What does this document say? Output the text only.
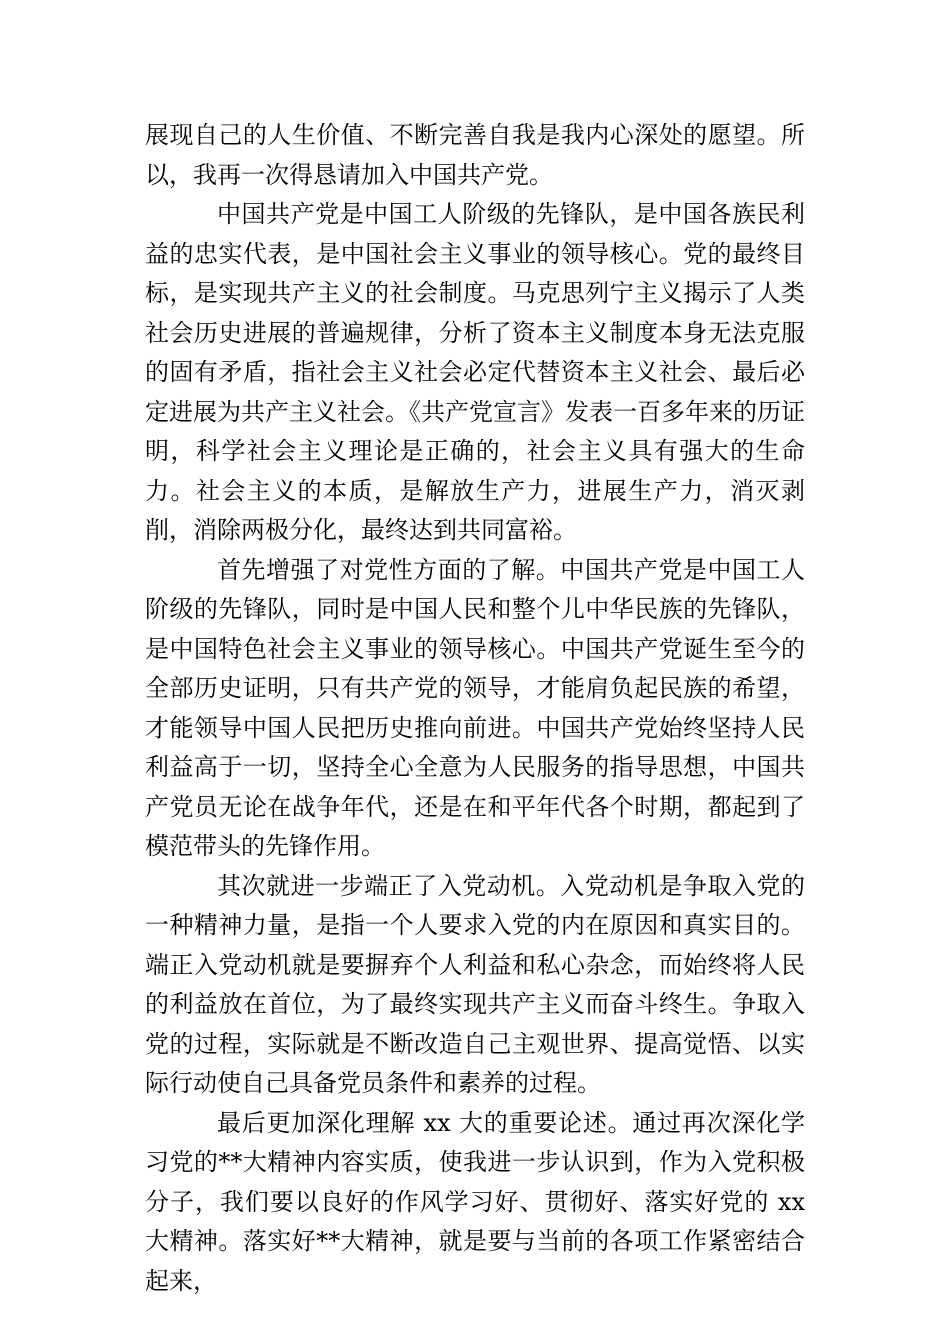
展现自己的人生价值、不断完善自我是我内心深处的愿望。所以，我再一次得恳请加入中国共产党。

中国共产党是中国工人阶级的先锋队，是中国各族民利益的忠实代表，是中国社会主义事业的领导核心。党的最终目标，是实现共产主义的社会制度。马克思列宁主义揭示了人类社会历史进展的普遍规律，分析了资本主义制度本身无法克服的固有矛盾，指社会主义社会必定代替资本主义社会、最后必定进展为共产主义社会。《共产党宣言》发表一百多年来的历证明，科学社会主义理论是正确的，社会主义具有强大的生命力。社会主义的本质，是解放生产力，进展生产力，消灭剥削，消除两极分化，最终达到共同富裕。

首先增强了对党性方面的了解。中国共产党是中国工人阶级的先锋队，同时是中国人民和整个儿中华民族的先锋队，是中国特色社会主义事业的领导核心。中国共产党诞生至今的全部历史证明，只有共产党的领导，才能肩负起民族的希望，才能领导中国人民把历史推向前进。中国共产党始终坚持人民利益高于一切，坚持全心全意为人民服务的指导思想，中国共产党员无论在战争年代，还是在和平年代各个时期，都起到了模范带头的先锋作用。

其次就进一步端正了入党动机。入党动机是争取入党的一种精神力量，是指一个人要求入党的内在原因和真实目的。端正入党动机就是要摒弃个人利益和私心杂念，而始终将人民的利益放在首位，为了最终实现共产主义而奋斗终生。争取入党的过程，实际就是不断改造自己主观世界、提高觉悟、以实际行动使自己具备党员条件和素养的过程。

最后更加深化理解 xx 大的重要论述。通过再次深化学习党的**大精神内容实质，使我进一步认识到，作为入党积极分子，我们要以良好的作风学习好、贯彻好、落实好党的 xx 大精神。落实好**大精神，就是要与当前的各项工作紧密结合起来，
